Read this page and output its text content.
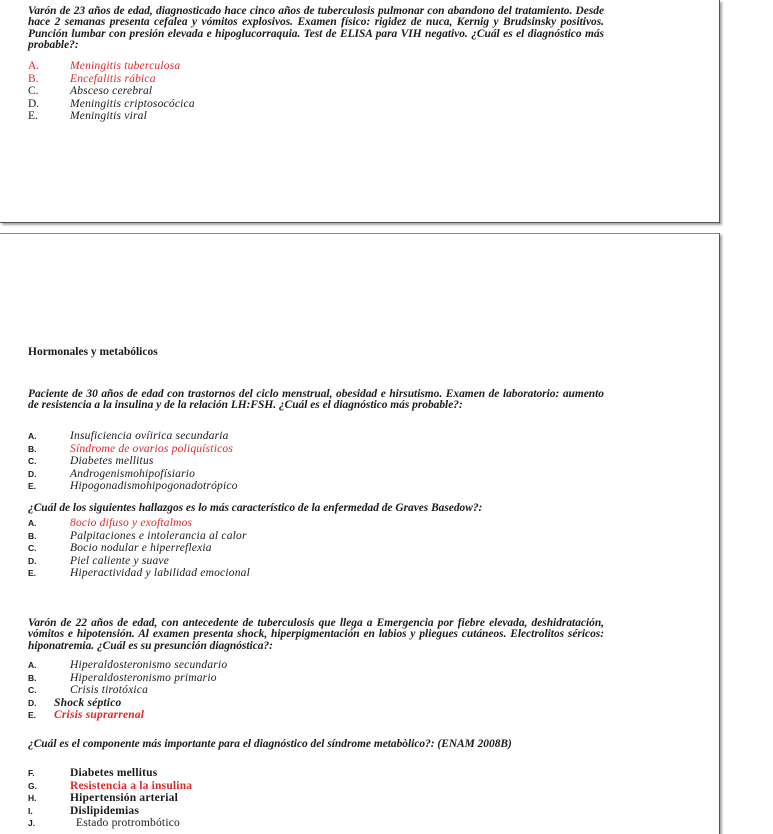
Varón de 23 años de edad, diagnosticado hace cinco años de tuberculosis pulmonar con abandono del tratamiento. Desde hace 2 semanas presenta cefalea y vómitos explosivos. Examen físico: rigidez de nuca, Kernig y Brudsinsky positivos. Punción lumbar con presión elevada e hipoglucorraquia. Test de ELISA para VIH negativo. ¿Cuál es el diagnóstico más probable?:
A.	Meningitis tuberculosa
B.	Encefalitis rábica
C.	Absceso cerebral
D.	Meningitis criptosocócica
E.	Meningitis viral
Hormonales y metabólicos
Paciente de 30 años de edad con trastornos del ciclo menstrual, obesidad e hirsutismo. Examen de laboratorio: aumento de resistencia a la insulina y de la relación LH:FSH. ¿Cuál es el diagnóstico más probable?:
A.	Insuficiencia ovíirica secundaria
B.	Síndrome de ovarios poliquísticos
C.	Diabetes mellitus
D.	Androgenismohipofísiario
E.	Hipogonadismohipogonadotrópico
¿Cuál de los siguientes hallazgos es lo más característico de la enfermedad de Graves Basedow?:
A.	8ocio difuso y exoftalmos
B.	Palpitaciones e intolerancia al calor
C.	Bocio nodular e hiperreflexia
D.	Piel caliente y suave
E.	Hiperactividad y labilidad emocional
Varón de 22 años de edad, con antecedente de tuberculosis que llega a Emergencia por fiebre elevada, deshidratación, vómitos e hipotensión. Al examen presenta shock, hiperpigmentación en labios y pliegues cutáneos. Electrolitos séricos: hiponatremia. ¿Cuál es su presunción diagnóstica?:
A.	Hiperaldosteronismo secundario
B.	Hiperaldosteronismo primario
C.	Crisis tirotóxica
D. Shock séptico
E. Crisis suprarrenal
¿Cuál es el componente más importante para el diagnóstico del síndrome metabòlico?: (ENAM 2008B)
F.	Diabetes mellitus
G.	Resistencia a la insulina
H.	Hipertensión arterial
I.	Dislipidemias
J.	Estado protrombótico
